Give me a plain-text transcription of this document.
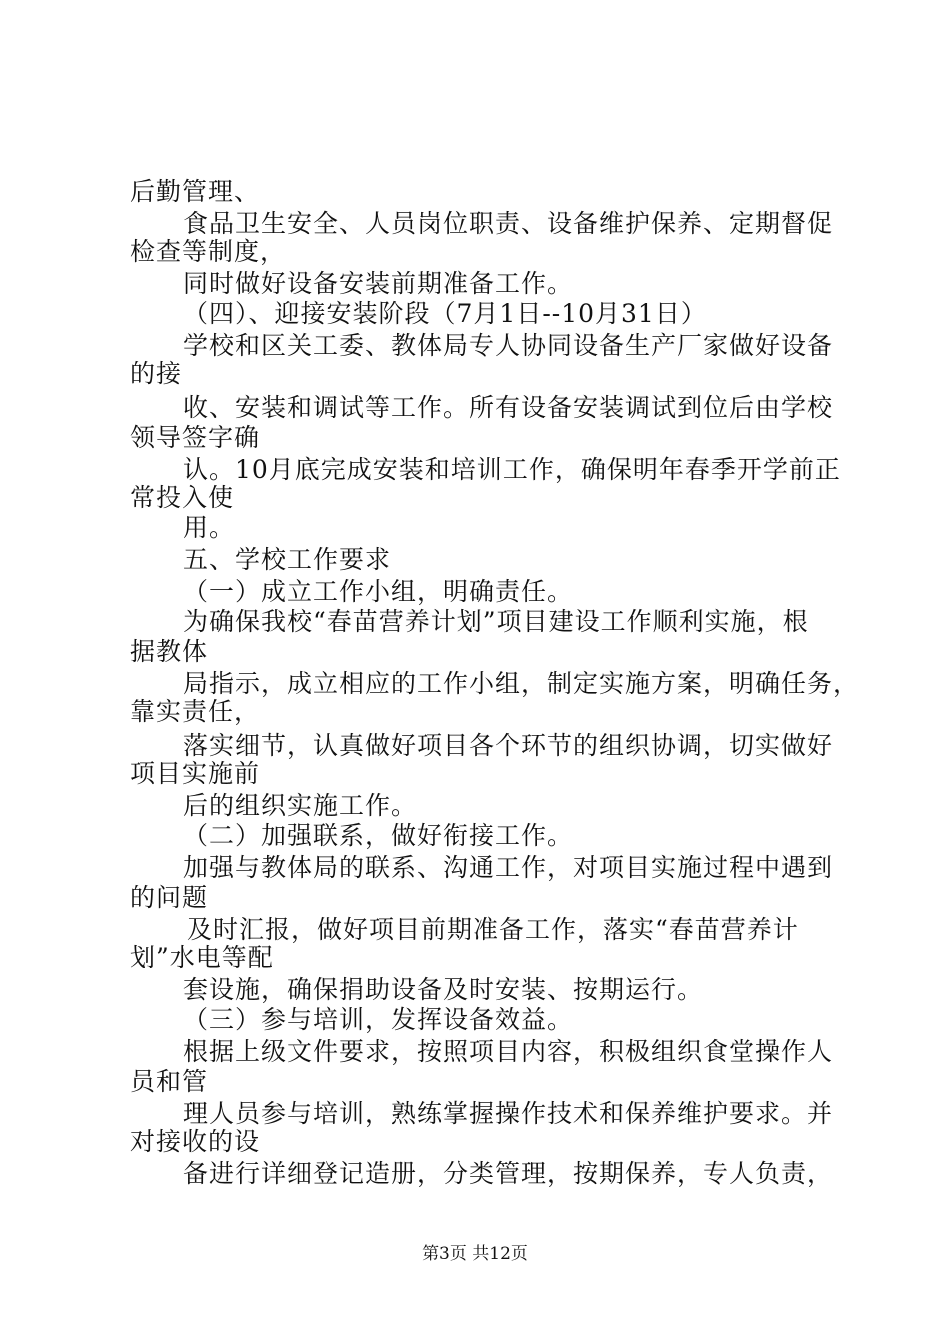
后勤管理、
食品卫生安全、人员岗位职责、设备维护保养、定期督促
检查等制度，
同时做好设备安装前期准备工作。
（四）、迎接安装阶段（7月1日--10月31日）
学校和区关工委、教体局专人协同设备生产厂家做好设备
的接
收、安装和调试等工作。所有设备安装调试到位后由学校
领导签字确
认。10月底完成安装和培训工作，确保明年春季开学前正
常投入使
用。
五、学校工作要求
（一）成立工作小组，明确责任。
为确保我校“春苗营养计划”项目建设工作顺利实施，根
据教体
局指示，成立相应的工作小组，制定实施方案，明确任务，
靠实责任，
落实细节，认真做好项目各个环节的组织协调，切实做好
项目实施前
后的组织实施工作。
（二）加强联系，做好衔接工作。
加强与教体局的联系、沟通工作，对项目实施过程中遇到
的问题
及时汇报，做好项目前期准备工作，落实“春苗营养计
划”水电等配
套设施，确保捐助设备及时安装、按期运行。
（三）参与培训，发挥设备效益。
根据上级文件要求，按照项目内容，积极组织食堂操作人
员和管
理人员参与培训，熟练掌握操作技术和保养维护要求。并
对接收的设
备进行详细登记造册，分类管理，按期保养，专人负责，
第3页 共12页
